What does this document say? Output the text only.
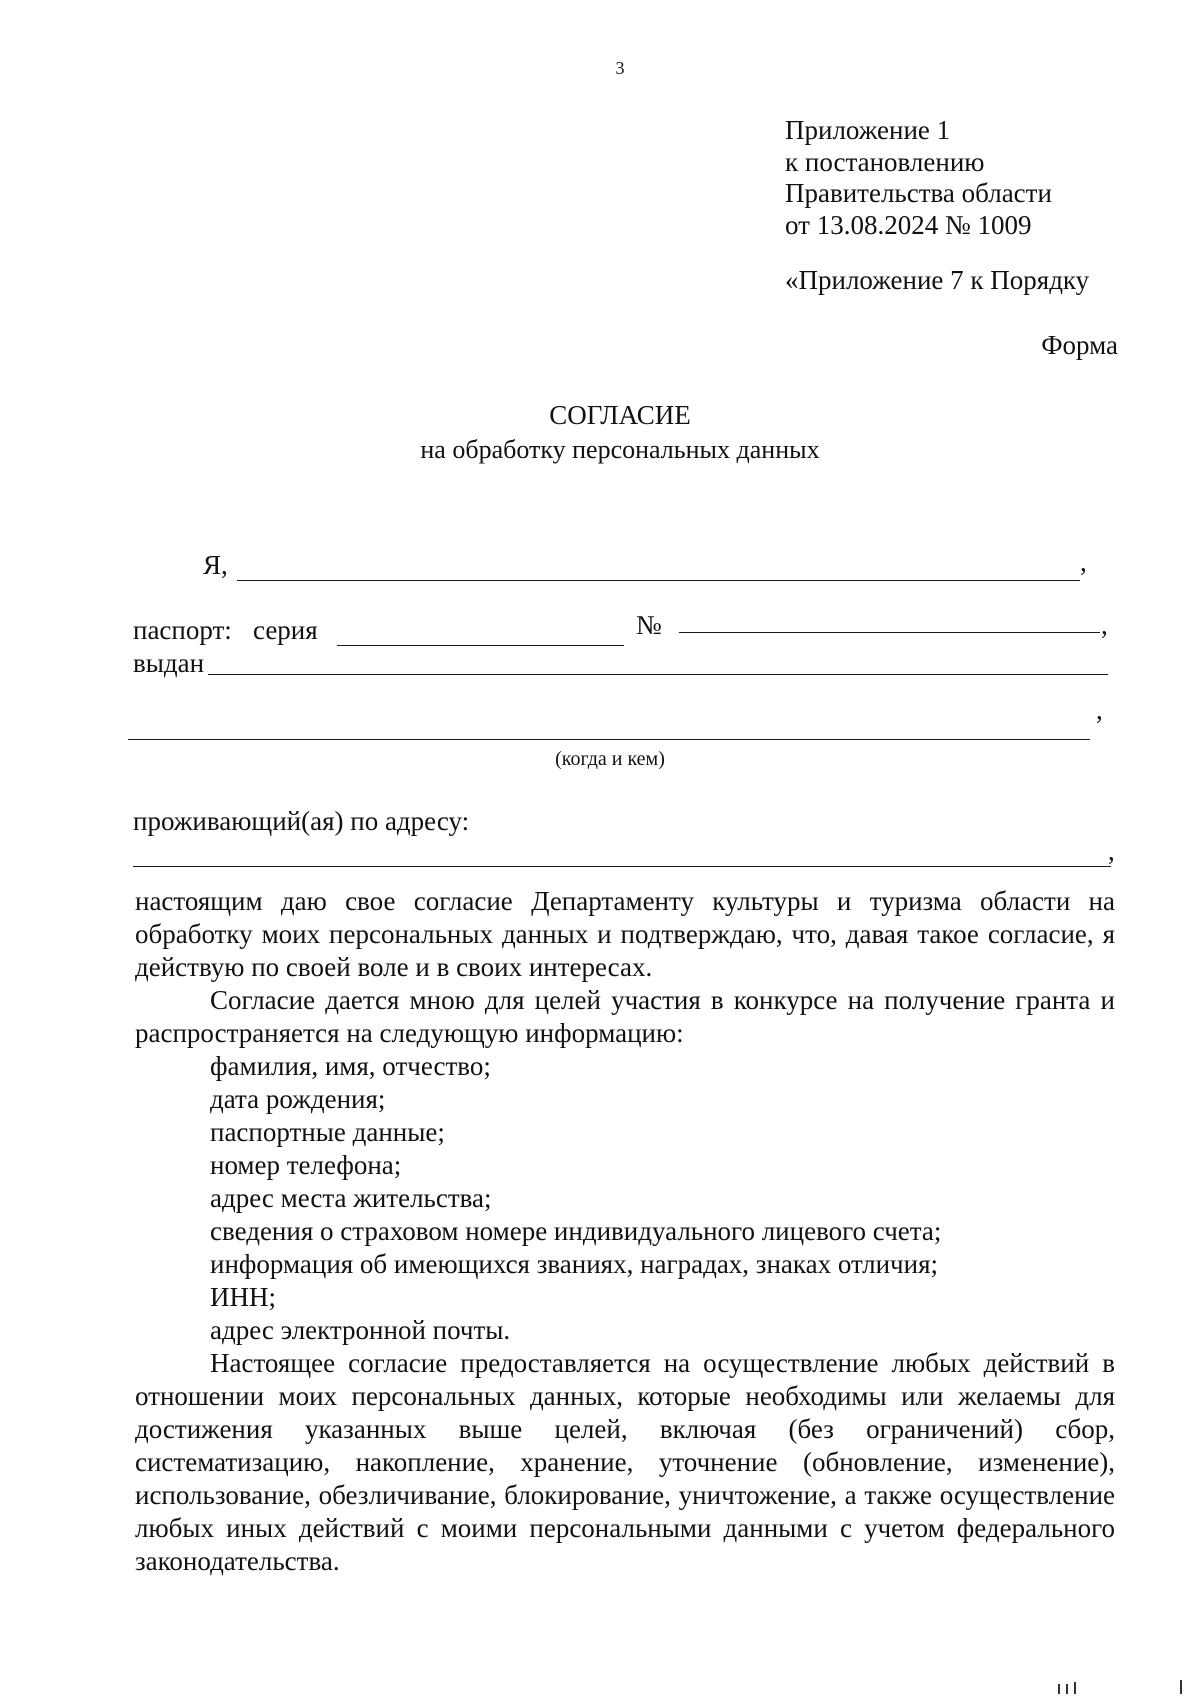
3
Приложение 1
к постановлению
Правительства области
от 13.08.2024 № 1009
«Приложение 7 к Порядку
Форма
СОГЛАСИЕ
на обработку персональных данных
Я,	,
паспорт: серия	№	,
выдан
,
(когда и кем)
проживающий(ая) по адресу:
,

настоящим даю свое согласие Департаменту культуры и туризма области на обработку моих персональных данных и подтверждаю, что, давая такое согласие, я действую по своей воле и в своих интересах.

Согласие дается мною для целей участия в конкурсе на получение гранта и распространяется на следующую информацию:

фамилия, имя, отчество;
дата рождения;
паспортные данные;
номер телефона;
адрес места жительства;
сведения о страховом номере индивидуального лицевого счета;
информация об имеющихся званиях, наградах, знаках отличия;
ИНН;
адрес электронной почты.

Настоящее согласие предоставляется на осуществление любых действий в отношении моих персональных данных, которые необходимы или желаемы для достижения указанных выше целей, включая (без ограничений) сбор, систематизацию, накопление, хранение, уточнение (обновление, изменение), использование, обезличивание, блокирование, уничтожение, а также осуществление любых иных действий с моими персональными данными с учетом федерального законодательства.
